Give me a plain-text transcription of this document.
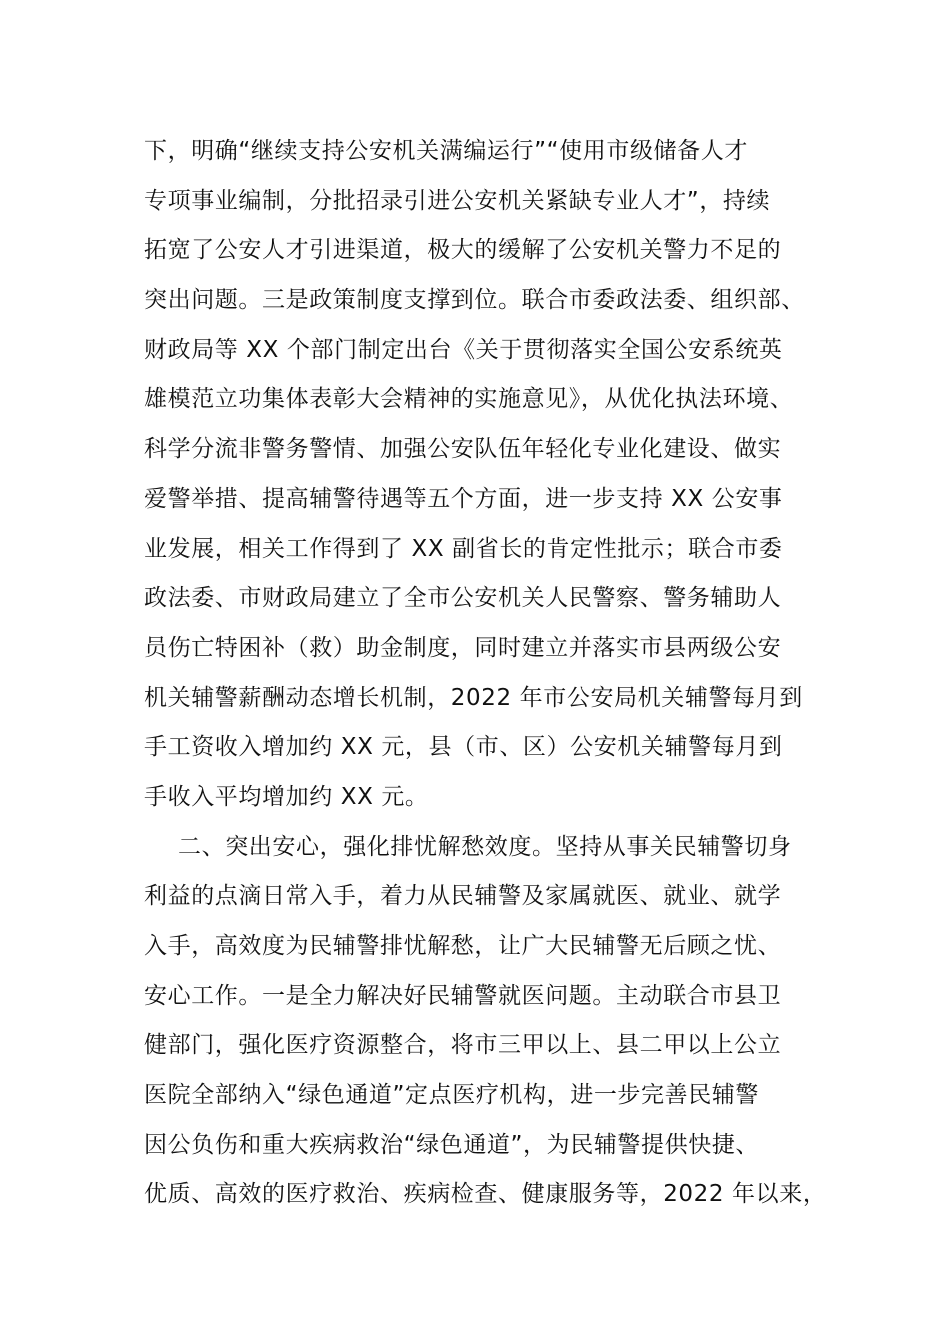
下，明确“继续支持公安机关满编运行”“使用市级储备人才
专项事业编制，分批招录引进公安机关紧缺专业人才”，持续
拓宽了公安人才引进渠道，极大的缓解了公安机关警力不足的
突出问题。三是政策制度支撑到位。联合市委政法委、组织部、
财政局等 XX 个部门制定出台《关于贯彻落实全国公安系统英
雄模范立功集体表彰大会精神的实施意见》，从优化执法环境、
科学分流非警务警情、加强公安队伍年轻化专业化建设、做实
爱警举措、提高辅警待遇等五个方面，进一步支持 XX 公安事
业发展，相关工作得到了 XX 副省长的肯定性批示；联合市委
政法委、市财政局建立了全市公安机关人民警察、警务辅助人
员伤亡特困补（救）助金制度，同时建立并落实市县两级公安
机关辅警薪酬动态增长机制，2022 年市公安局机关辅警每月到
手工资收入增加约 XX 元，县（市、区）公安机关辅警每月到
手收入平均增加约 XX 元。
二、突出安心，强化排忧解愁效度。坚持从事关民辅警切身
利益的点滴日常入手，着力从民辅警及家属就医、就业、就学
入手，高效度为民辅警排忧解愁，让广大民辅警无后顾之忧、
安心工作。一是全力解决好民辅警就医问题。主动联合市县卫
健部门，强化医疗资源整合，将市三甲以上、县二甲以上公立
医院全部纳入“绿色通道”定点医疗机构，进一步完善民辅警
因公负伤和重大疾病救治“绿色通道”，为民辅警提供快捷、
优质、高效的医疗救治、疾病检查、健康服务等，2022 年以来，
